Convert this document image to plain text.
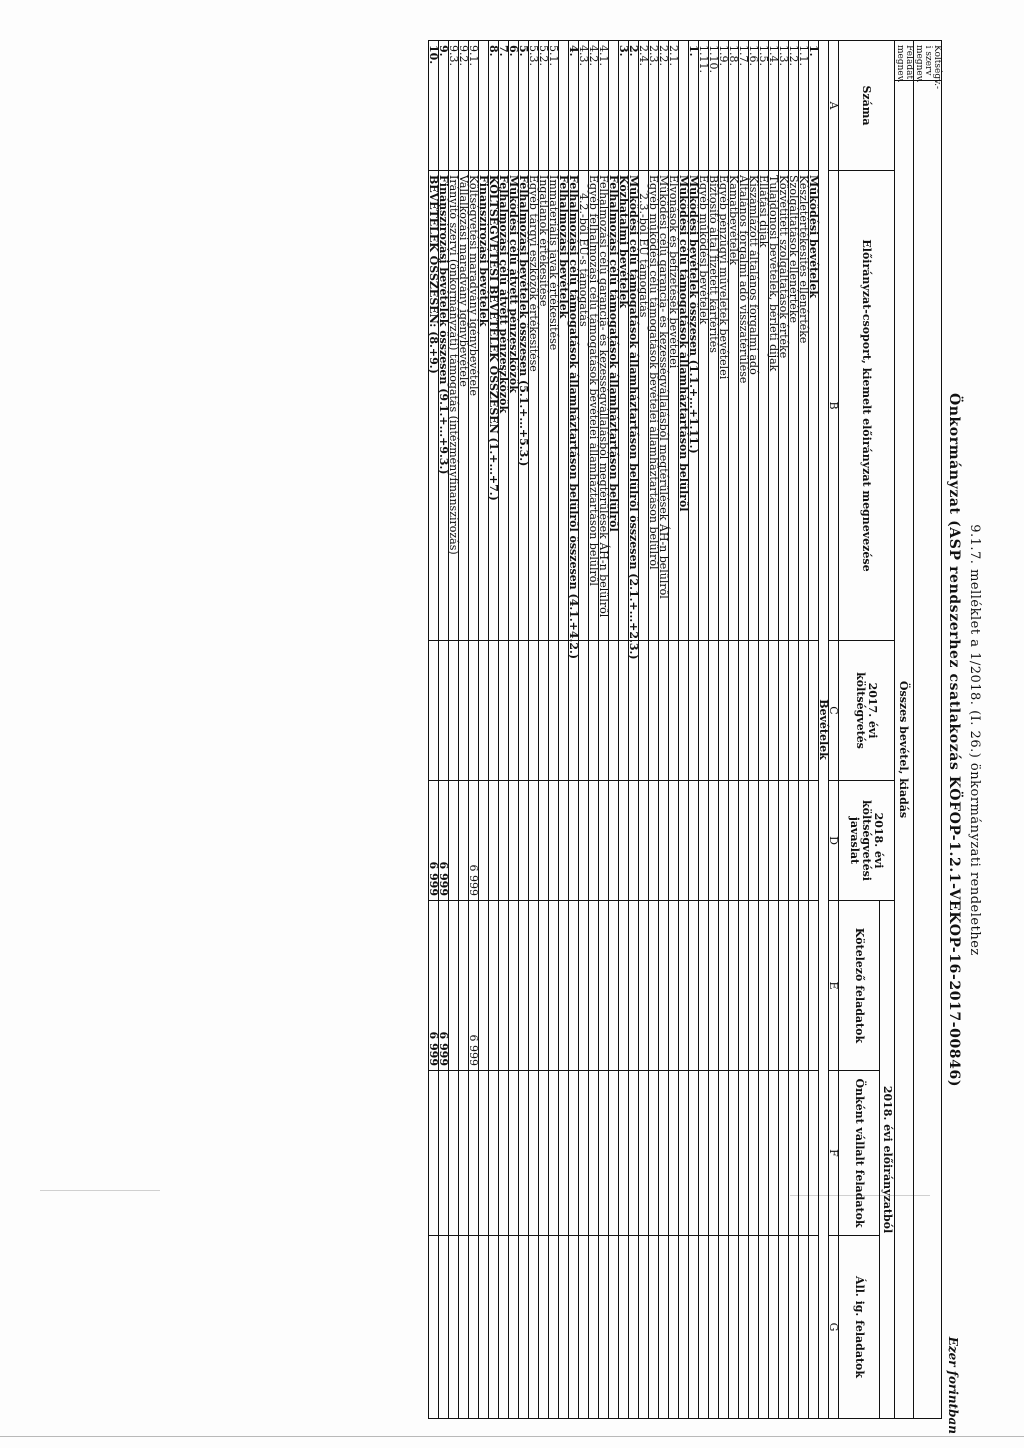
9.1.7. melléklet a 1/2018. (I. 26.) önkormányzati rendelethez
Önkormányzat (ASP rendszerhez csatlakozás KÖFOP-1.2.1-VEKOP-16-2017-00846)
Ezer forintban
Költségv.-i szerv megnev.							
Feladat megnev.	Összes bevétel, kiadás						
Száma		Előirányzat-csoport, kiemelt előirányzat megnevezése	2017. évi költségvetés	2018. évi költségvetési javaslat	2018. évi előirányzatból		
					Kötelező feladatok	Önként vállalt feladatok	Áll. ig. feladatok
A		B	C	D	E	F	G
Bevételek							
1.		Működési bevételek					
1.1.		Készletértékesítés ellenértéke					
1.2.		Szolgáltatások ellenértéke					
1.3.		Közvetített szolgáltatások értéke					
1.4.		Tulajdonosi bevételek, bérleti díjak					
1.5.		Ellátási díjak					
1.6.		Kiszámlázott általános forgalmi adó					
1.7.		Általános forgalmi adó visszatérülése					
1.8.		Kamatbevételek					
1.9.		Egyéb pénzügyi műveletek bevételei					
1.10.		Biztosító által fizetett kártérítés					
1.11.		Egyéb működési bevételek					
1.		Működési bevételek összesen (1.1.+...+1.11.)					
		Működési célú támogatások államháztartáson belülről					
2.1.		Elvonások és befizetések bevételei					
2.2.		Működési célú garancia- és kezességvállalásból megtérülések ÁH-n belülről					
2.3.		Egyéb működési célú támogatások bevételei államháztartáson belülről					
2.4.		2.3.-ból EU támogatás					
2.		Működési célú támogatások államháztartáson belülről összesen (2.1.+...+2.3.)					
3.		Közhatalmi bevételek					
		Felhalmozási célú támogatások államháztartáson belülről					
4.1.		Felhalmozási célú garancia- és kezességvállalásból megtérülések ÁH-n belülről					
4.2.		Egyéb felhalmozási célú támogatások bevételei államháztartáson belülről					
4.3.		4.2.-ből EU-s támogatás					
4.		Felhalmozási célú támogatások államháztartáson belülről összesen (4.1.+4.2.)					
		Felhalmozási bevételek					
5.1.		Immateriális javak értékesítése					
5.2.		Ingatlanok értékesítése					
5.3.		Egyéb tárgyi eszközök értékesítése					
5.		Felhalmozási bevételek összesen (5.1.+...+5.3.)					
6.		Működési célú átvett pénzeszközök					
7.		Felhalmozási célú átvett pénzeszközök					
8.		KÖLTSÉGVETÉSI BEVÉTELEK ÖSSZESEN (1.+...+7.)					
		Finanszírozási bevételek					
9.1.		Költségvetési maradvány igénybevétele		6 999	6 999		
9.2.		Vállalkozási maradvány igénybevétele					
9.3.		Irányító szervi (önkormányzati) támogatás (intézményfinanszírozás)					
9.		Finanszírozási bevételek összesen (9.1.+...+9.3.)		6 999	6 999		
10.		BEVÉTELEK ÖSSZESEN: (8.+9.)		6 999	6 999		
